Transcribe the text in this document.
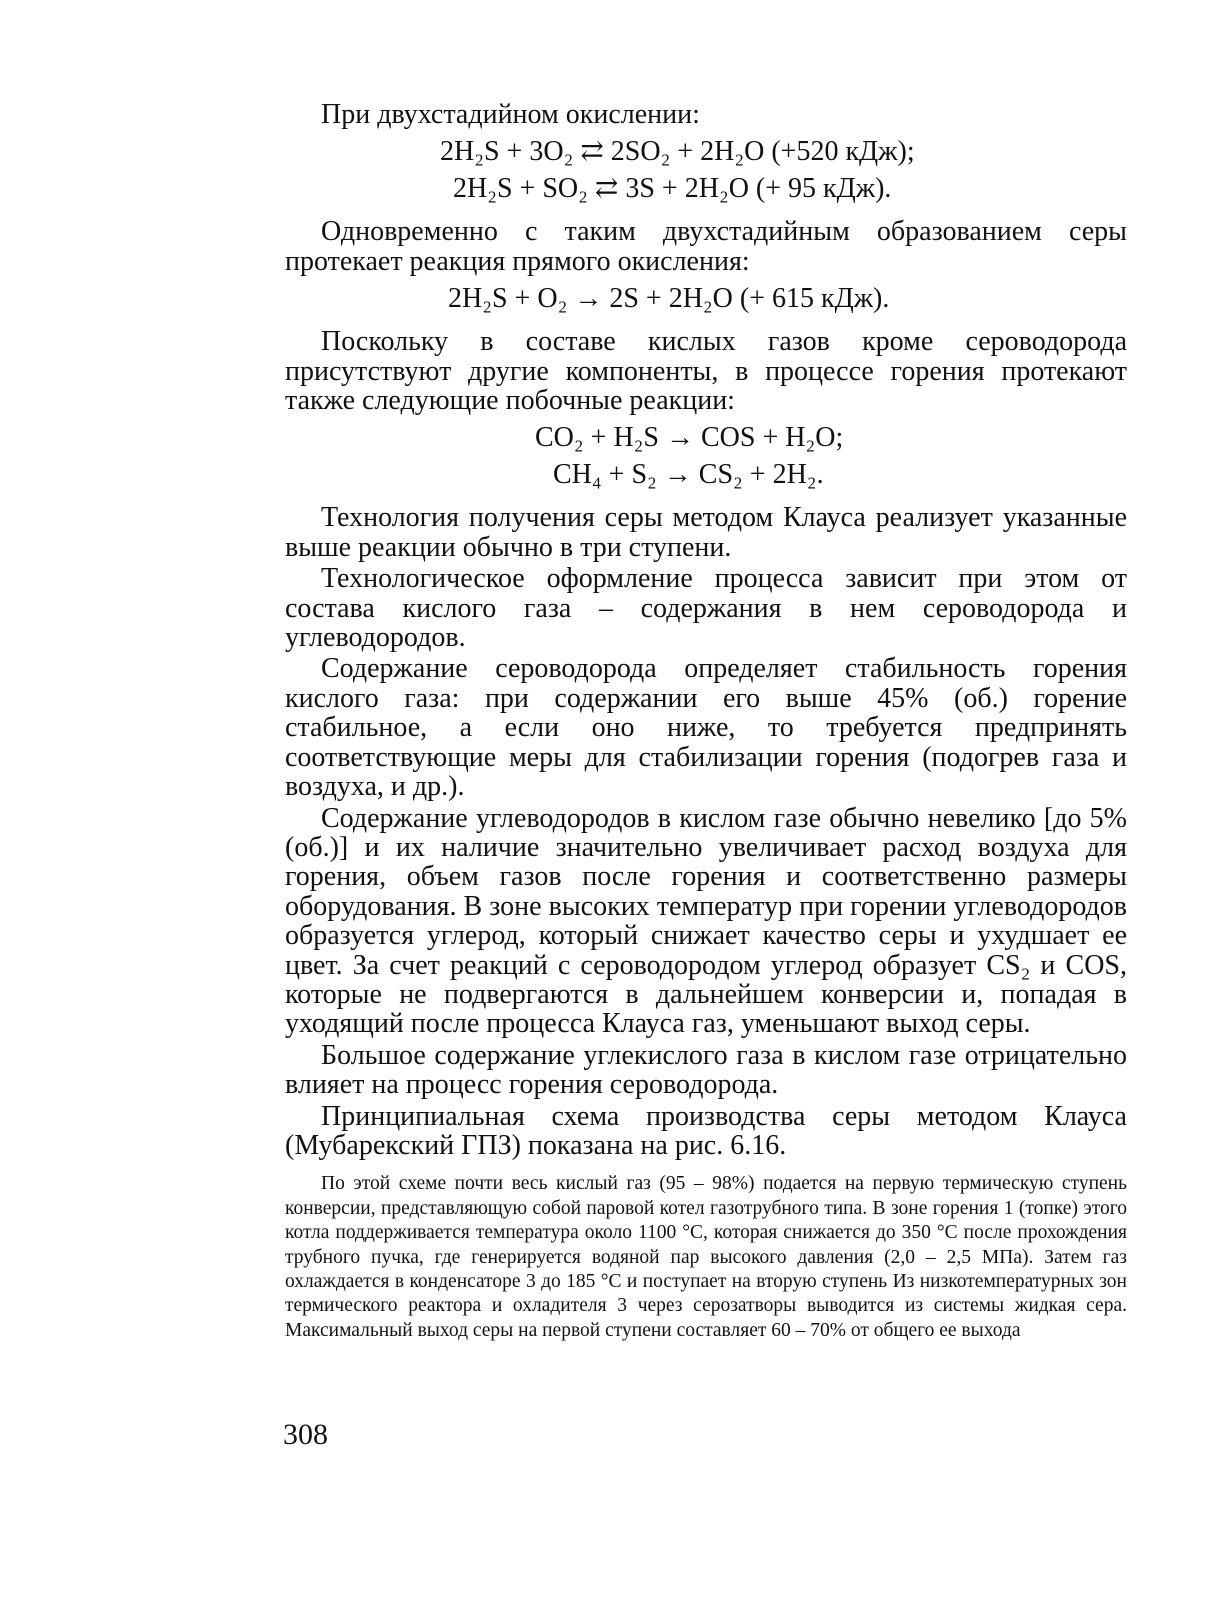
При двухстадийном окислении:

2H₂S + 3O₂ ⇄ 2SO₂ + 2H₂O (+520 кДж);
2H₂S + SO₂ ⇄ 3S + 2H₂O (+ 95 кДж).

Одновременно с таким двухстадийным образованием серы протекает реакция прямого окисления:

2H₂S + O₂ → 2S + 2H₂O (+ 615 кДж).

Поскольку в составе кислых газов кроме сероводорода присутствуют другие компоненты, в процессе горения протекают также следующие побочные реакции:

CO₂ + H₂S → COS + H₂O;
CH₄ + S₂ → CS₂ + 2H₂.

Технология получения серы методом Клауса реализует указанные выше реакции обычно в три ступени.

Технологическое оформление процесса зависит при этом от состава кислого газа – содержания в нем сероводорода и углеводородов.

Содержание сероводорода определяет стабильность горения кислого газа: при содержании его выше 45% (об.) горение стабильное, а если оно ниже, то требуется предпринять соответствующие меры для стабилизации горения (подогрев газа и воздуха, и др.).

Содержание углеводородов в кислом газе обычно невелико [до 5%(об.)] и их наличие значительно увеличивает расход воздуха для горения, объем газов после горения и соответственно размеры оборудования. В зоне высоких температур при горении углеводородов образуется углерод, который снижает качество серы и ухудшает ее цвет. За счет реакций с сероводородом углерод образует CS₂ и COS, которые не подвергаются в дальнейшем конверсии и, попадая в уходящий после процесса Клауса газ, уменьшают выход серы.

Большое содержание углекислого газа в кислом газе отрицательно влияет на процесс горения сероводорода.

Принципиальная схема производства серы методом Клауса (Мубарекский ГПЗ) показана на рис. 6.16.

По этой схеме почти весь кислый газ (95 – 98%) подается на первую термическую ступень конверсии, представляющую собой паровой котел газотрубного типа. В зоне горения 1 (топке) этого котла поддерживается температура около 1100 °С, которая снижается до 350 °С после прохождения трубного пучка, где генерируется водяной пар высокого давления (2,0 – 2,5 МПа). Затем газ охлаждается в конденсаторе 3 до 185 °С и поступает на вторую ступень Из низкотемпературных зон термического реактора и охладителя 3 через серозатворы выводится из системы жидкая сера. Максимальный выход серы на первой ступени составляет 60 – 70% от общего ее выхода

308
